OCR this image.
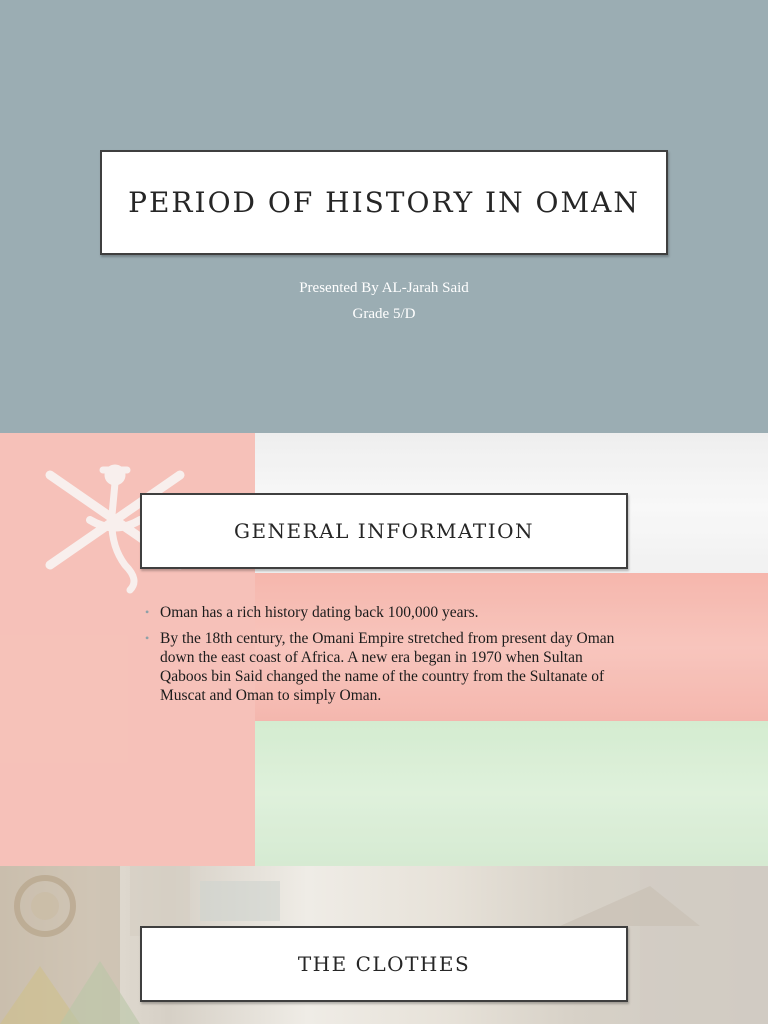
PERIOD OF HISTORY IN OMAN
Presented By AL-Jarah Said
Grade 5/D
GENERAL INFORMATION
• Oman has a rich history dating back 100,000 years.
• By the 18th century, the Omani Empire stretched from present day Oman down the east coast of Africa. A new era began in 1970 when Sultan Qaboos bin Said changed the name of the country from the Sultanate of Muscat and Oman to simply Oman.
THE CLOTHES
